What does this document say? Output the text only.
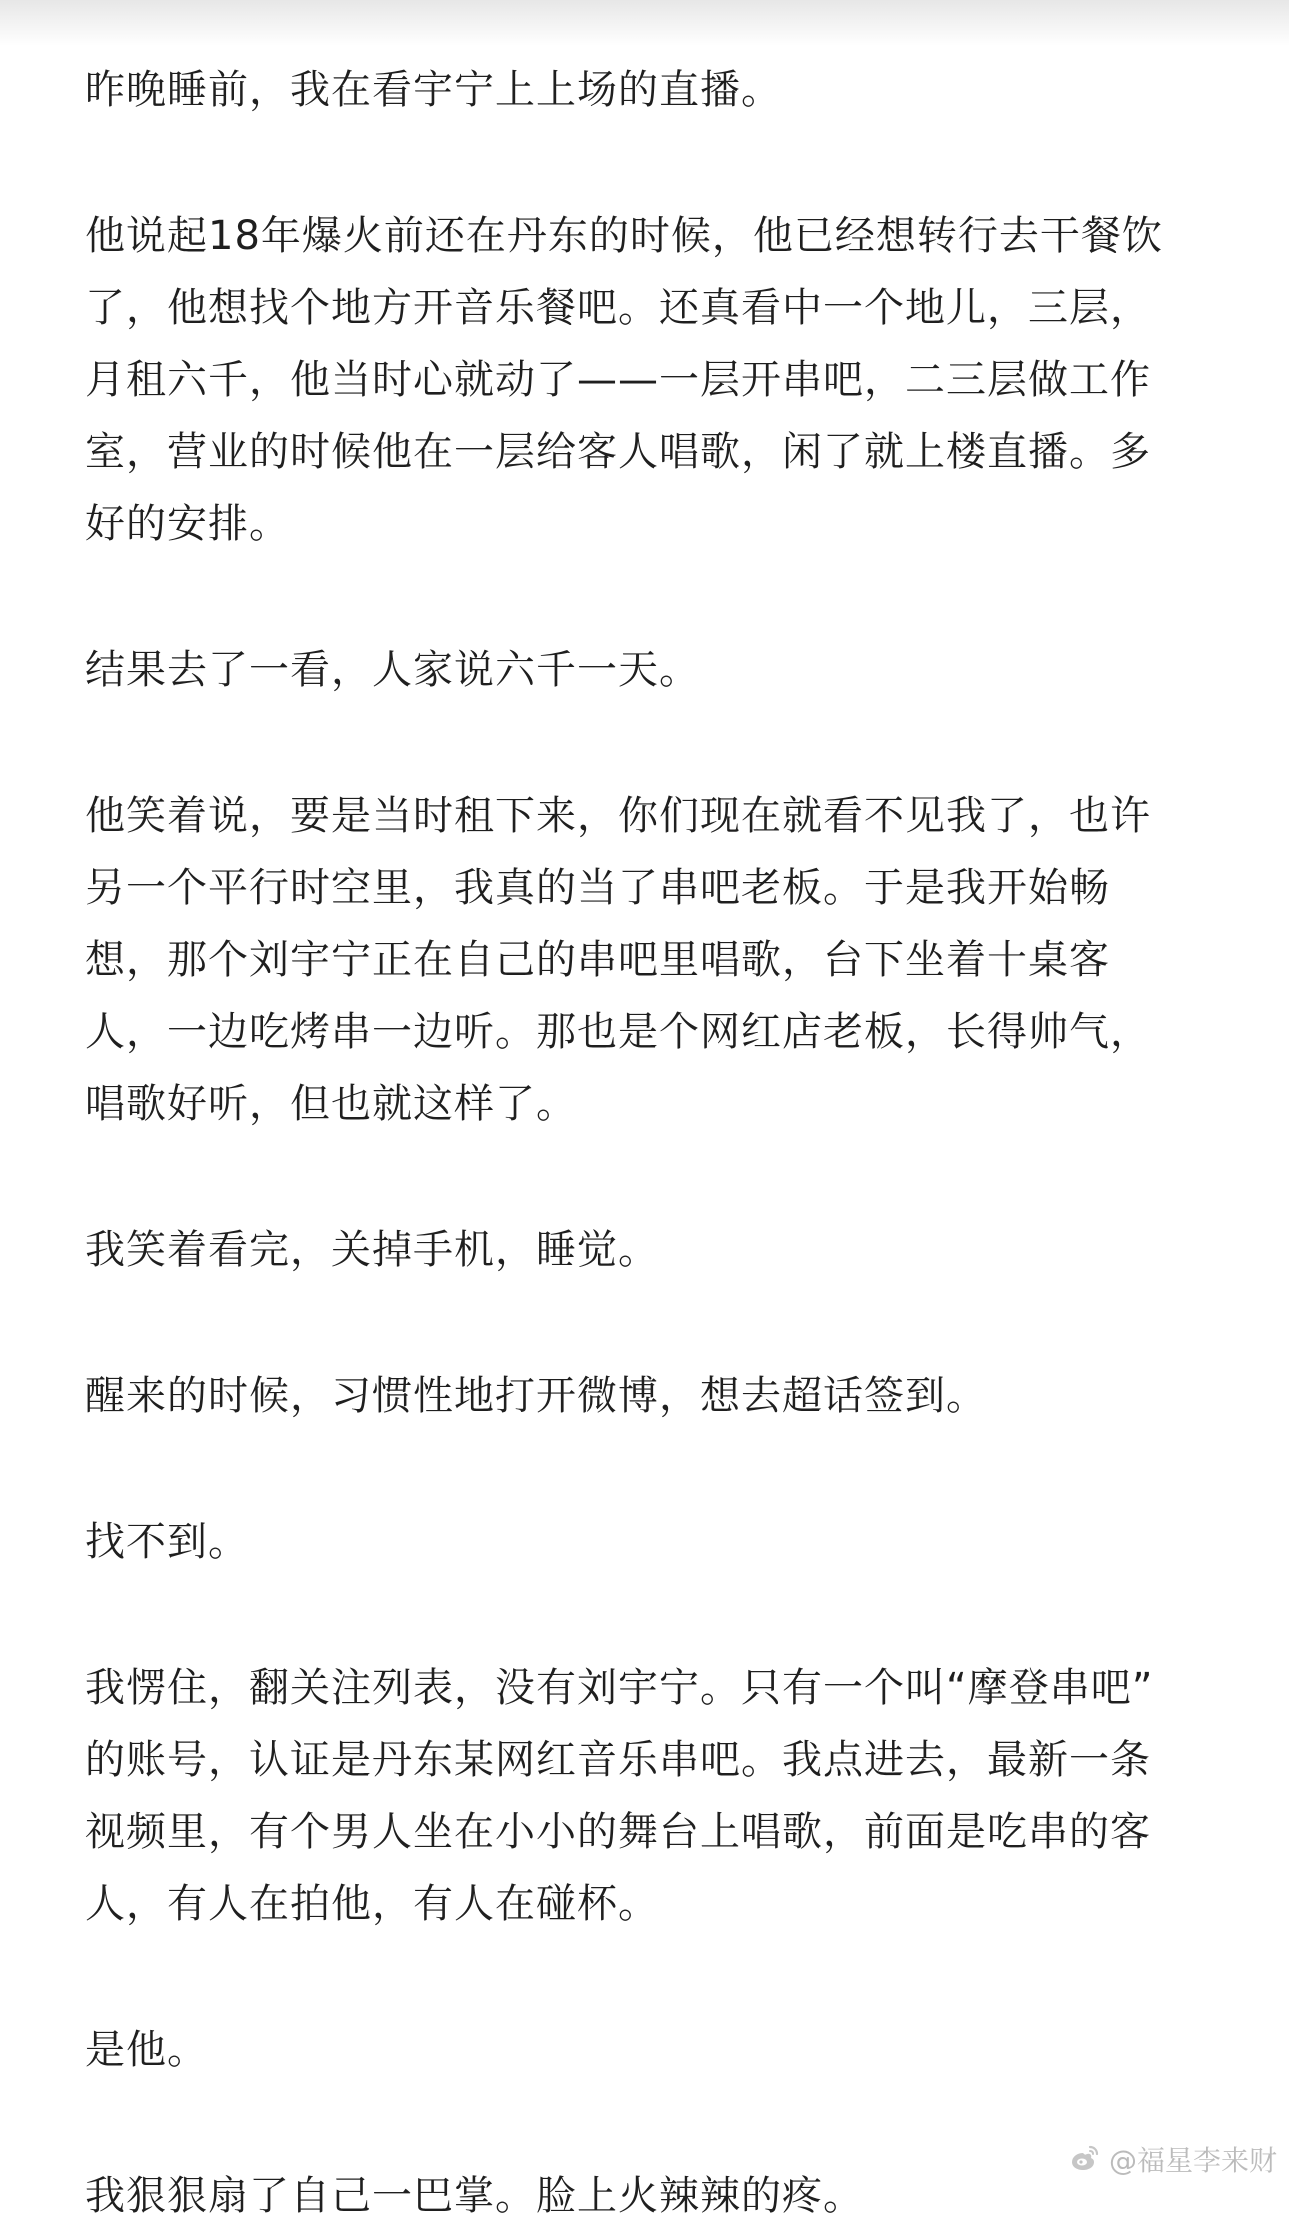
昨晚睡前，我在看宇宁上上场的直播。

他说起18年爆火前还在丹东的时候，他已经想转行去干餐饮
了，他想找个地方开音乐餐吧。还真看中一个地儿，三层，
月租六千，他当时心就动了——一层开串吧，二三层做工作
室，营业的时候他在一层给客人唱歌，闲了就上楼直播。多
好的安排。

结果去了一看，人家说六千一天。

他笑着说，要是当时租下来，你们现在就看不见我了，也许
另一个平行时空里，我真的当了串吧老板。于是我开始畅
想，那个刘宇宁正在自己的串吧里唱歌，台下坐着十桌客
人，一边吃烤串一边听。那也是个网红店老板，长得帅气，
唱歌好听，但也就这样了。

我笑着看完，关掉手机，睡觉。

醒来的时候，习惯性地打开微博，想去超话签到。

找不到。

我愣住，翻关注列表，没有刘宇宁。只有一个叫“摩登串吧”
的账号，认证是丹东某网红音乐串吧。我点进去，最新一条
视频里，有个男人坐在小小的舞台上唱歌，前面是吃串的客
人，有人在拍他，有人在碰杯。

是他。

我狠狠扇了自己一巴掌。脸上火辣辣的疼。

@福星李来财
